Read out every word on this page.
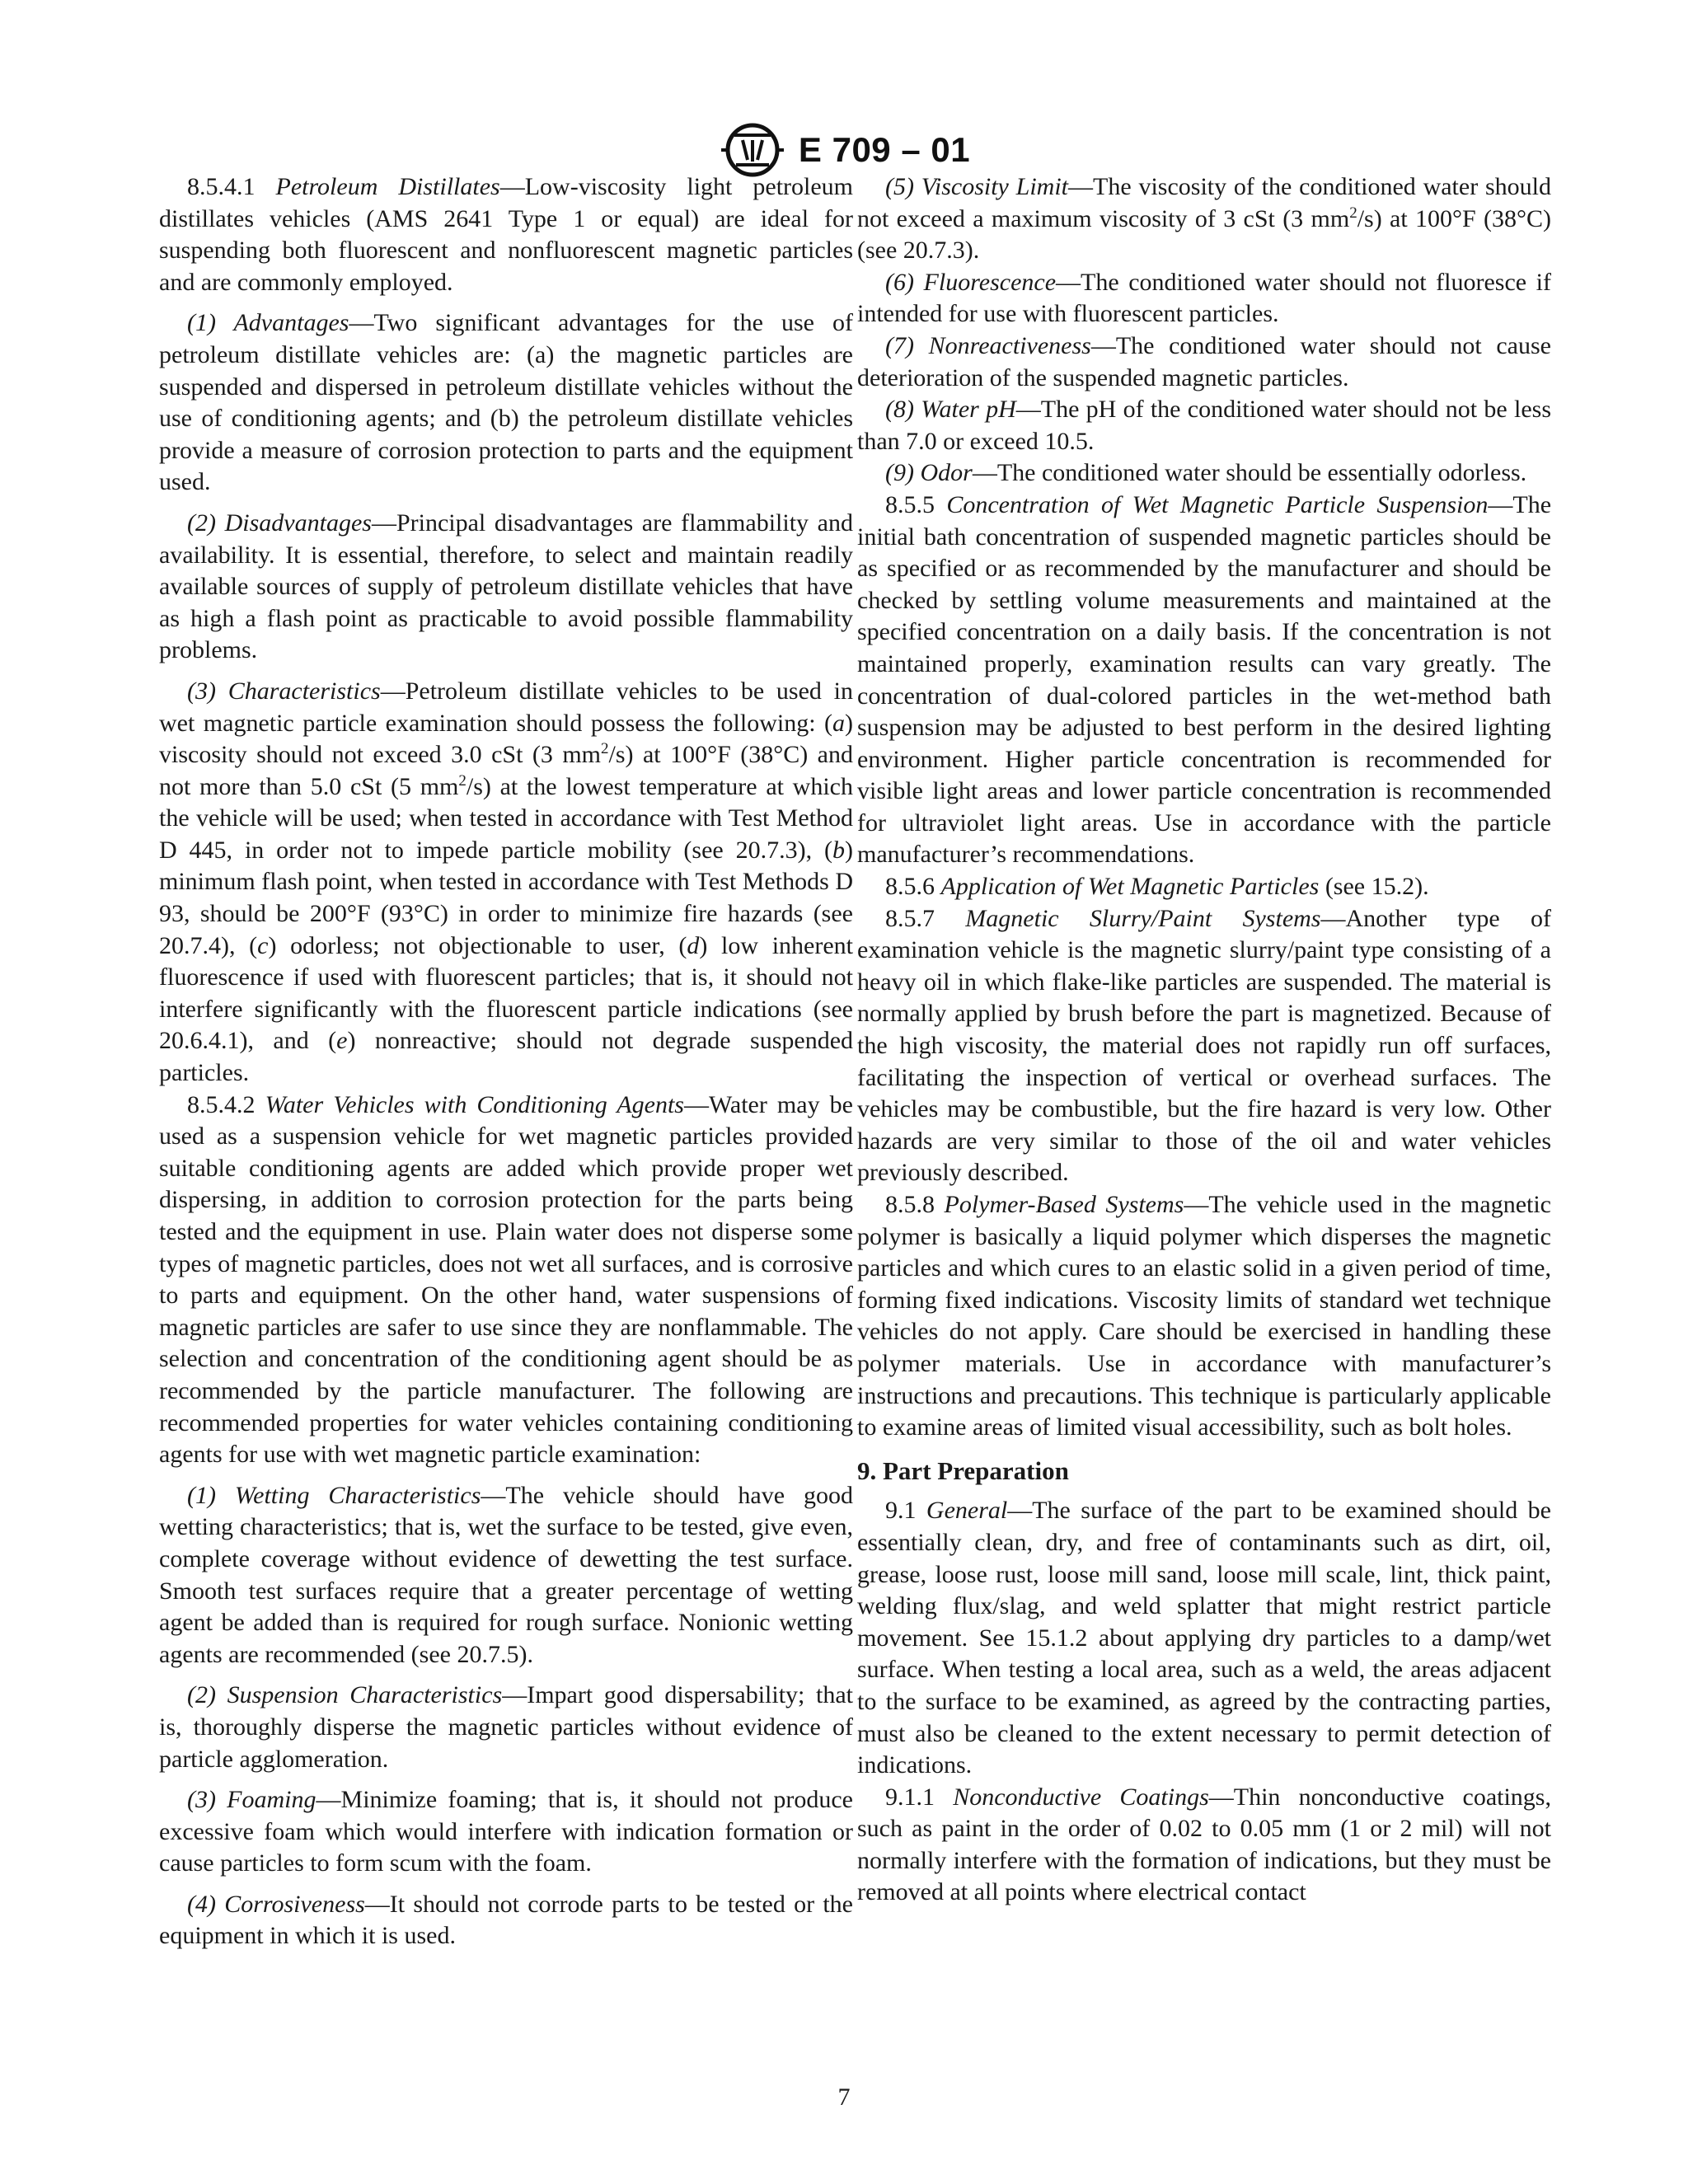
E 709 – 01

8.5.4.1 Petroleum Distillates—Low-viscosity light petroleum distillates vehicles (AMS 2641 Type 1 or equal) are ideal for suspending both fluorescent and nonfluorescent magnetic particles and are commonly employed.

(1) Advantages—Two significant advantages for the use of petroleum distillate vehicles are: (a) the magnetic particles are suspended and dispersed in petroleum distillate vehicles without the use of conditioning agents; and (b) the petroleum distillate vehicles provide a measure of corrosion protection to parts and the equipment used.

(2) Disadvantages—Principal disadvantages are flammability and availability. It is essential, therefore, to select and maintain readily available sources of supply of petroleum distillate vehicles that have as high a flash point as practicable to avoid possible flammability problems.

(3) Characteristics—Petroleum distillate vehicles to be used in wet magnetic particle examination should possess the following: (a) viscosity should not exceed 3.0 cSt (3 $mm^2/s$) at 100°F (38°C) and not more than 5.0 cSt (5 $mm^2/s$) at the lowest temperature at which the vehicle will be used; when tested in accordance with Test Method D 445, in order not to impede particle mobility (see 20.7.3), (b) minimum flash point, when tested in accordance with Test Methods D 93, should be 200°F (93°C) in order to minimize fire hazards (see 20.7.4), (c) odorless; not objectionable to user, (d) low inherent fluorescence if used with fluorescent particles; that is, it should not interfere significantly with the fluorescent particle indications (see 20.6.4.1), and (e) nonreactive; should not degrade suspended particles.

8.5.4.2 Water Vehicles with Conditioning Agents—Water may be used as a suspension vehicle for wet magnetic particles provided suitable conditioning agents are added which provide proper wet dispersing, in addition to corrosion protection for the parts being tested and the equipment in use. Plain water does not disperse some types of magnetic particles, does not wet all surfaces, and is corrosive to parts and equipment. On the other hand, water suspensions of magnetic particles are safer to use since they are nonflammable. The selection and concentration of the conditioning agent should be as recommended by the particle manufacturer. The following are recommended properties for water vehicles containing conditioning agents for use with wet magnetic particle examination:

(1) Wetting Characteristics—The vehicle should have good wetting characteristics; that is, wet the surface to be tested, give even, complete coverage without evidence of dewetting the test surface. Smooth test surfaces require that a greater percentage of wetting agent be added than is required for rough surface. Nonionic wetting agents are recommended (see 20.7.5).

(2) Suspension Characteristics—Impart good dispersability; that is, thoroughly disperse the magnetic particles without evidence of particle agglomeration.

(3) Foaming—Minimize foaming; that is, it should not produce excessive foam which would interfere with indication formation or cause particles to form scum with the foam.

(4) Corrosiveness—It should not corrode parts to be tested or the equipment in which it is used.

(5) Viscosity Limit—The viscosity of the conditioned water should not exceed a maximum viscosity of 3 cSt (3 $mm^2/s$) at 100°F (38°C) (see 20.7.3).

(6) Fluorescence—The conditioned water should not fluoresce if intended for use with fluorescent particles.

(7) Nonreactiveness—The conditioned water should not cause deterioration of the suspended magnetic particles.

(8) Water pH—The pH of the conditioned water should not be less than 7.0 or exceed 10.5.

(9) Odor—The conditioned water should be essentially odorless.

8.5.5 Concentration of Wet Magnetic Particle Suspension—The initial bath concentration of suspended magnetic particles should be as specified or as recommended by the manufacturer and should be checked by settling volume measurements and maintained at the specified concentration on a daily basis. If the concentration is not maintained properly, examination results can vary greatly. The concentration of dual-colored particles in the wet-method bath suspension may be adjusted to best perform in the desired lighting environment. Higher particle concentration is recommended for visible light areas and lower particle concentration is recommended for ultraviolet light areas. Use in accordance with the particle manufacturer’s recommendations.

8.5.6 Application of Wet Magnetic Particles (see 15.2).

8.5.7 Magnetic Slurry/Paint Systems—Another type of examination vehicle is the magnetic slurry/paint type consisting of a heavy oil in which flake-like particles are suspended. The material is normally applied by brush before the part is magnetized. Because of the high viscosity, the material does not rapidly run off surfaces, facilitating the inspection of vertical or overhead surfaces. The vehicles may be combustible, but the fire hazard is very low. Other hazards are very similar to those of the oil and water vehicles previously described.

8.5.8 Polymer-Based Systems—The vehicle used in the magnetic polymer is basically a liquid polymer which disperses the magnetic particles and which cures to an elastic solid in a given period of time, forming fixed indications. Viscosity limits of standard wet technique vehicles do not apply. Care should be exercised in handling these polymer materials. Use in accordance with manufacturer’s instructions and precautions. This technique is particularly applicable to examine areas of limited visual accessibility, such as bolt holes.

9. Part Preparation

9.1 General—The surface of the part to be examined should be essentially clean, dry, and free of contaminants such as dirt, oil, grease, loose rust, loose mill sand, loose mill scale, lint, thick paint, welding flux/slag, and weld splatter that might restrict particle movement. See 15.1.2 about applying dry particles to a damp/wet surface. When testing a local area, such as a weld, the areas adjacent to the surface to be examined, as agreed by the contracting parties, must also be cleaned to the extent necessary to permit detection of indications.

9.1.1 Nonconductive Coatings—Thin nonconductive coatings, such as paint in the order of 0.02 to 0.05 mm (1 or 2 mil) will not normally interfere with the formation of indications, but they must be removed at all points where electrical contact

7
